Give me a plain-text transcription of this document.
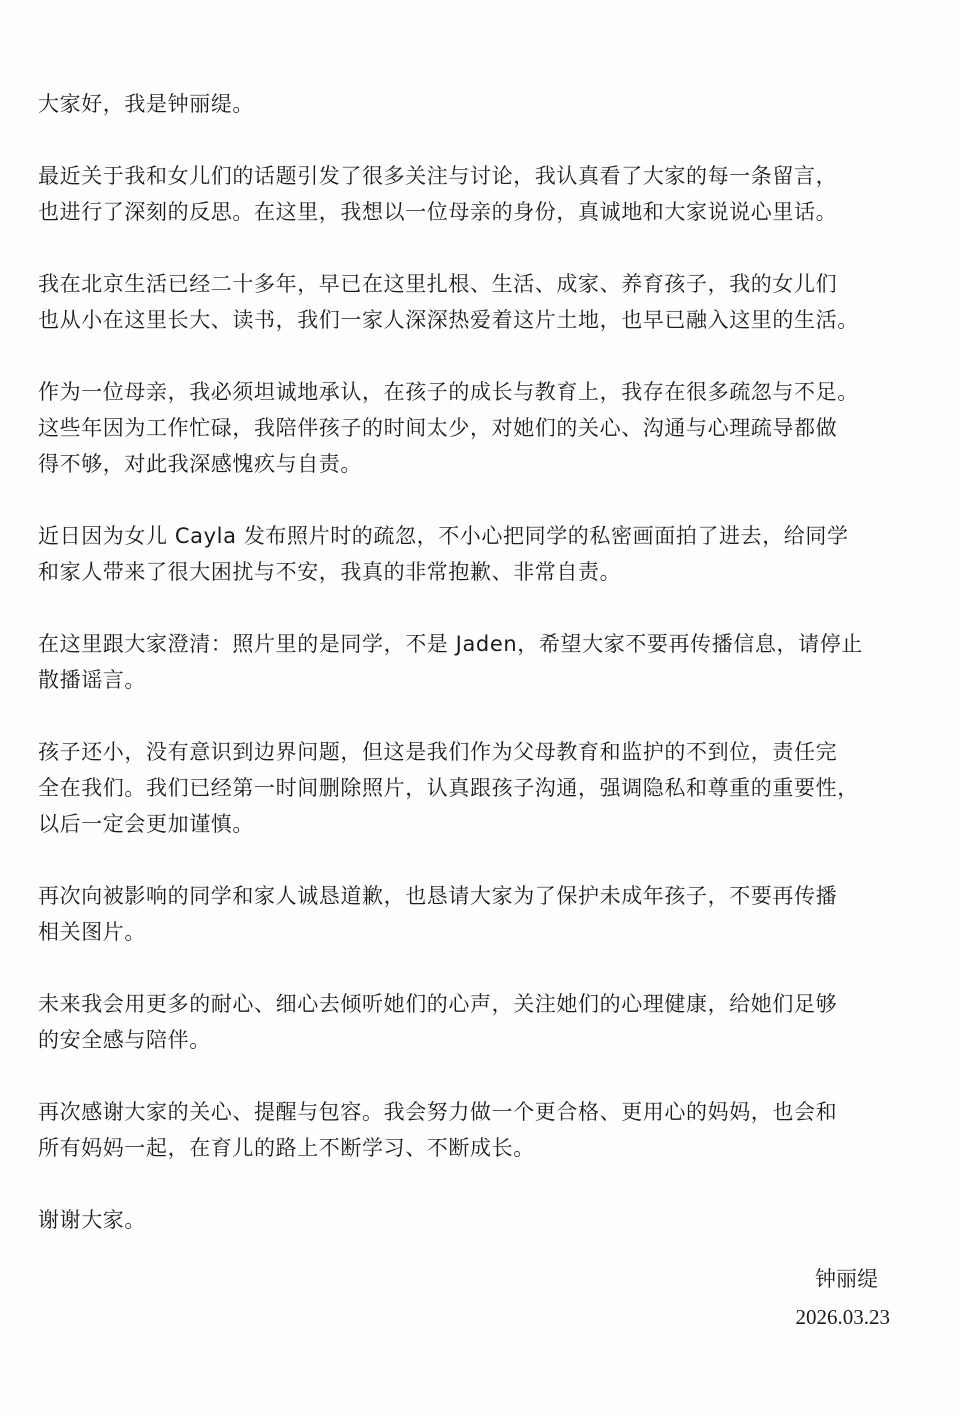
大家好，我是钟丽缇。

最近关于我和女儿们的话题引发了很多关注与讨论，我认真看了大家的每一条留言，
也进行了深刻的反思。在这里，我想以一位母亲的身份，真诚地和大家说说心里话。

我在北京生活已经二十多年，早已在这里扎根、生活、成家、养育孩子，我的女儿们
也从小在这里长大、读书，我们一家人深深热爱着这片土地，也早已融入这里的生活。

作为一位母亲，我必须坦诚地承认，在孩子的成长与教育上，我存在很多疏忽与不足。
这些年因为工作忙碌，我陪伴孩子的时间太少，对她们的关心、沟通与心理疏导都做
得不够，对此我深感愧疚与自责。

近日因为女儿 Cayla 发布照片时的疏忽，不小心把同学的私密画面拍了进去，给同学
和家人带来了很大困扰与不安，我真的非常抱歉、非常自责。

在这里跟大家澄清：照片里的是同学，不是 Jaden，希望大家不要再传播信息，请停止
散播谣言。

孩子还小，没有意识到边界问题，但这是我们作为父母教育和监护的不到位，责任完
全在我们。我们已经第一时间删除照片，认真跟孩子沟通，强调隐私和尊重的重要性，
以后一定会更加谨慎。

再次向被影响的同学和家人诚恳道歉，也恳请大家为了保护未成年孩子，不要再传播
相关图片。

未来我会用更多的耐心、细心去倾听她们的心声，关注她们的心理健康，给她们足够
的安全感与陪伴。

再次感谢大家的关心、提醒与包容。我会努力做一个更合格、更用心的妈妈，也会和
所有妈妈一起，在育儿的路上不断学习、不断成长。

谢谢大家。

钟丽缇
2026.03.23
